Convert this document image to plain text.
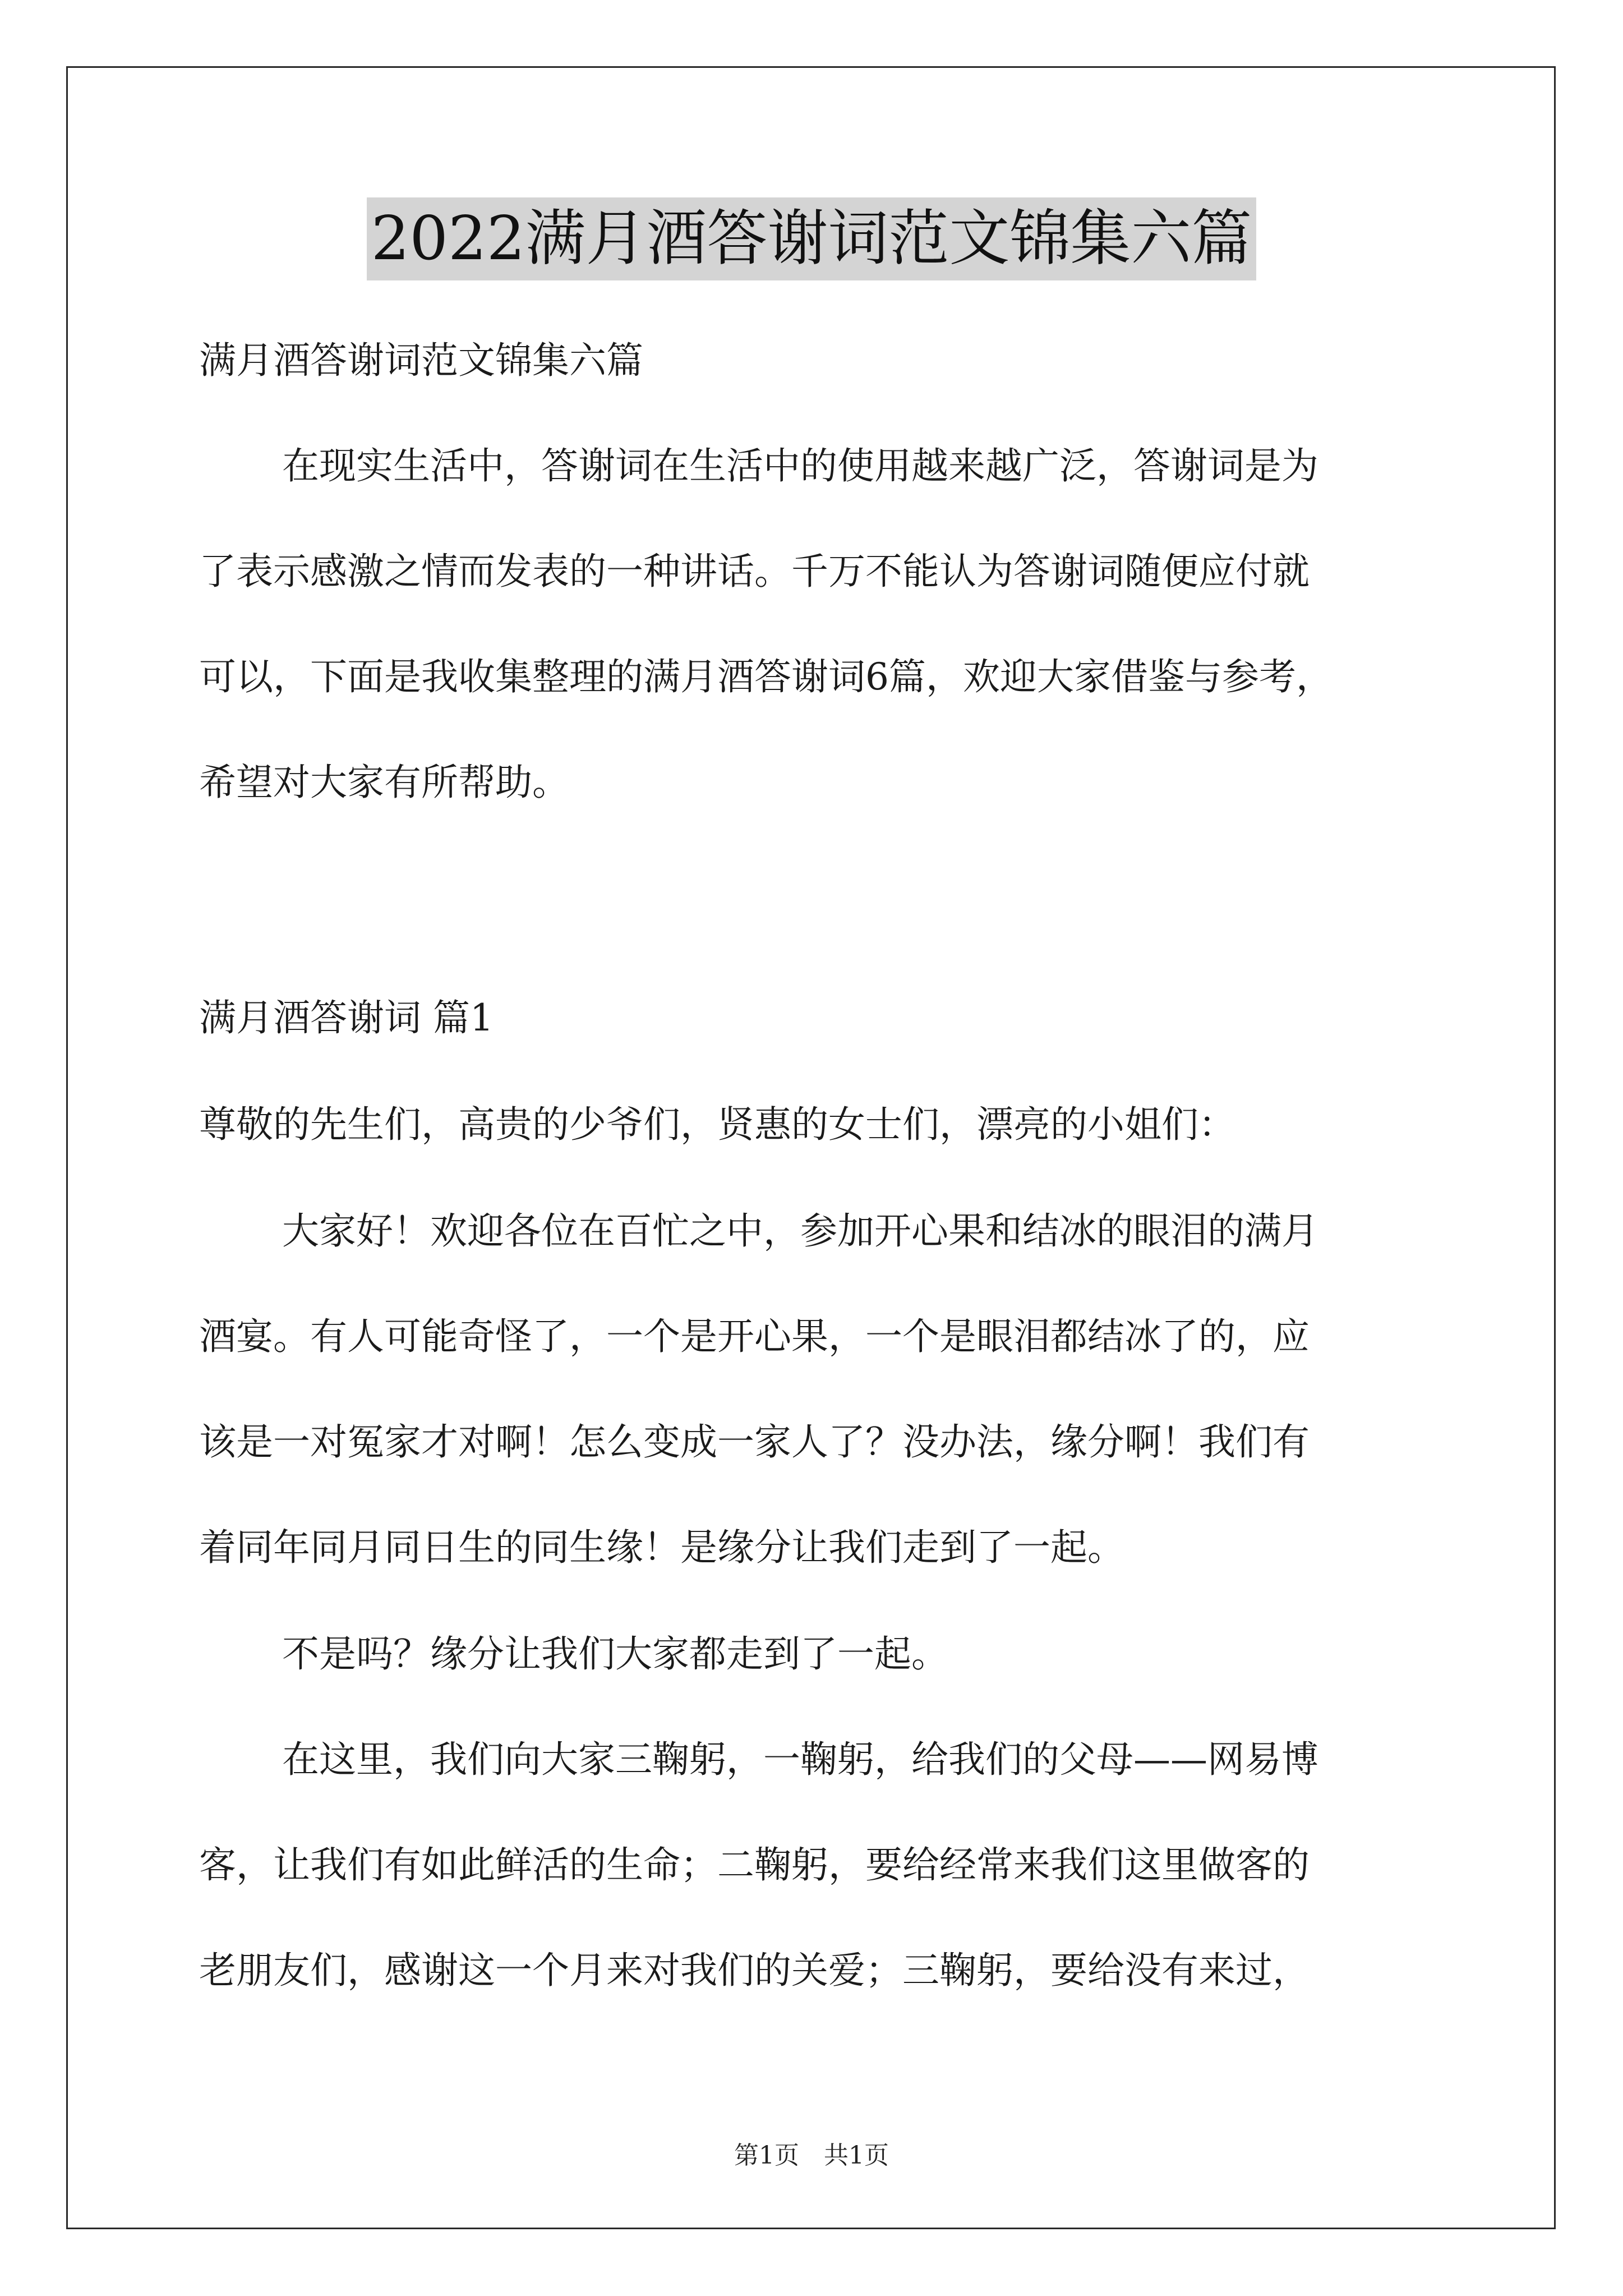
2022满月酒答谢词范文锦集六篇

满月酒答谢词范文锦集六篇

在现实生活中，答谢词在生活中的使用越来越广泛，答谢词是为

了表示感激之情而发表的一种讲话。千万不能认为答谢词随便应付就

可以，下面是我收集整理的满月酒答谢词6篇，欢迎大家借鉴与参考，

希望对大家有所帮助。

满月酒答谢词 篇1

尊敬的先生们，高贵的少爷们，贤惠的女士们，漂亮的小姐们：

大家好！欢迎各位在百忙之中，参加开心果和结冰的眼泪的满月

酒宴。有人可能奇怪了，一个是开心果，一个是眼泪都结冰了的，应

该是一对冤家才对啊！怎么变成一家人了？没办法，缘分啊！我们有

着同年同月同日生的同生缘！是缘分让我们走到了一起。

不是吗？缘分让我们大家都走到了一起。

在这里，我们向大家三鞠躬，一鞠躬，给我们的父母——网易博

客，让我们有如此鲜活的生命；二鞠躬，要给经常来我们这里做客的

老朋友们，感谢这一个月来对我们的关爱；三鞠躬，要给没有来过，

第1页　共1页
